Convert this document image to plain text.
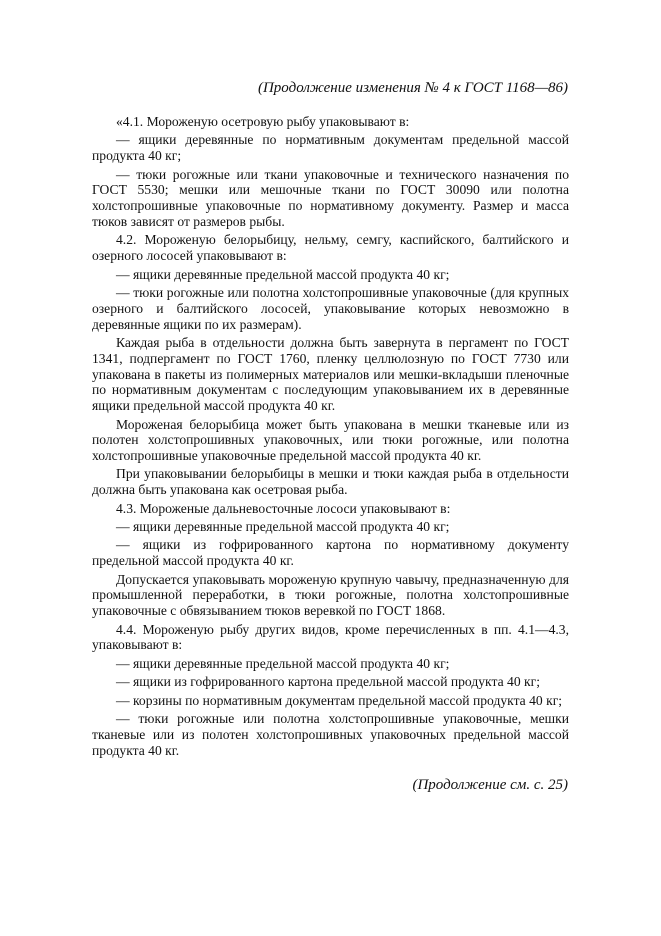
(Продолжение изменения № 4 к ГОСТ 1168—86)

«4.1. Мороженую осетровую рыбу упаковывают в:

— ящики деревянные по нормативным документам предельной массой продукта 40 кг;

— тюки рогожные или ткани упаковочные и технического назначения по ГОСТ 5530; мешки или мешочные ткани по ГОСТ 30090 или полотна холстопрошивные упаковочные по нормативному документу. Размер и масса тюков зависят от размеров рыбы.

4.2. Мороженую белорыбицу, нельму, семгу, каспийского, балтийского и озерного лососей упаковывают в:

— ящики деревянные предельной массой продукта 40 кг;

— тюки рогожные или полотна холстопрошивные упаковочные (для крупных озерного и балтийского лососей, упаковывание которых невозможно в деревянные ящики по их размерам).

Каждая рыба в отдельности должна быть завернута в пергамент по ГОСТ 1341, подпергамент по ГОСТ 1760, пленку целлюлозную по ГОСТ 7730 или упакована в пакеты из полимерных материалов или мешки-вкладыши пленочные по нормативным документам с последующим упаковыванием их в деревянные ящики предельной массой продукта 40 кг.

Мороженая белорыбица может быть упакована в мешки тканевые или из полотен холстопрошивных упаковочных, или тюки рогожные, или полотна холстопрошивные упаковочные предельной массой продукта 40 кг.

При упаковывании белорыбицы в мешки и тюки каждая рыба в отдельности должна быть упакована как осетровая рыба.

4.3. Мороженые дальневосточные лососи упаковывают в:

— ящики деревянные предельной массой продукта 40 кг;

— ящики из гофрированного картона по нормативному документу предельной массой продукта 40 кг.

Допускается упаковывать мороженую крупную чавычу, предназначенную для промышленной переработки, в тюки рогожные, полотна холстопрошивные упаковочные с обвязыванием тюков веревкой по ГОСТ 1868.

4.4. Мороженую рыбу других видов, кроме перечисленных в пп. 4.1—4.3, упаковывают в:

— ящики деревянные предельной массой продукта 40 кг;

— ящики из гофрированного картона предельной массой продукта 40 кг;

— корзины по нормативным документам предельной массой продукта 40 кг;

— тюки рогожные или полотна холстопрошивные упаковочные, мешки тканевые или из полотен холстопрошивных упаковочных предельной массой продукта 40 кг.

(Продолжение см. с. 25)
